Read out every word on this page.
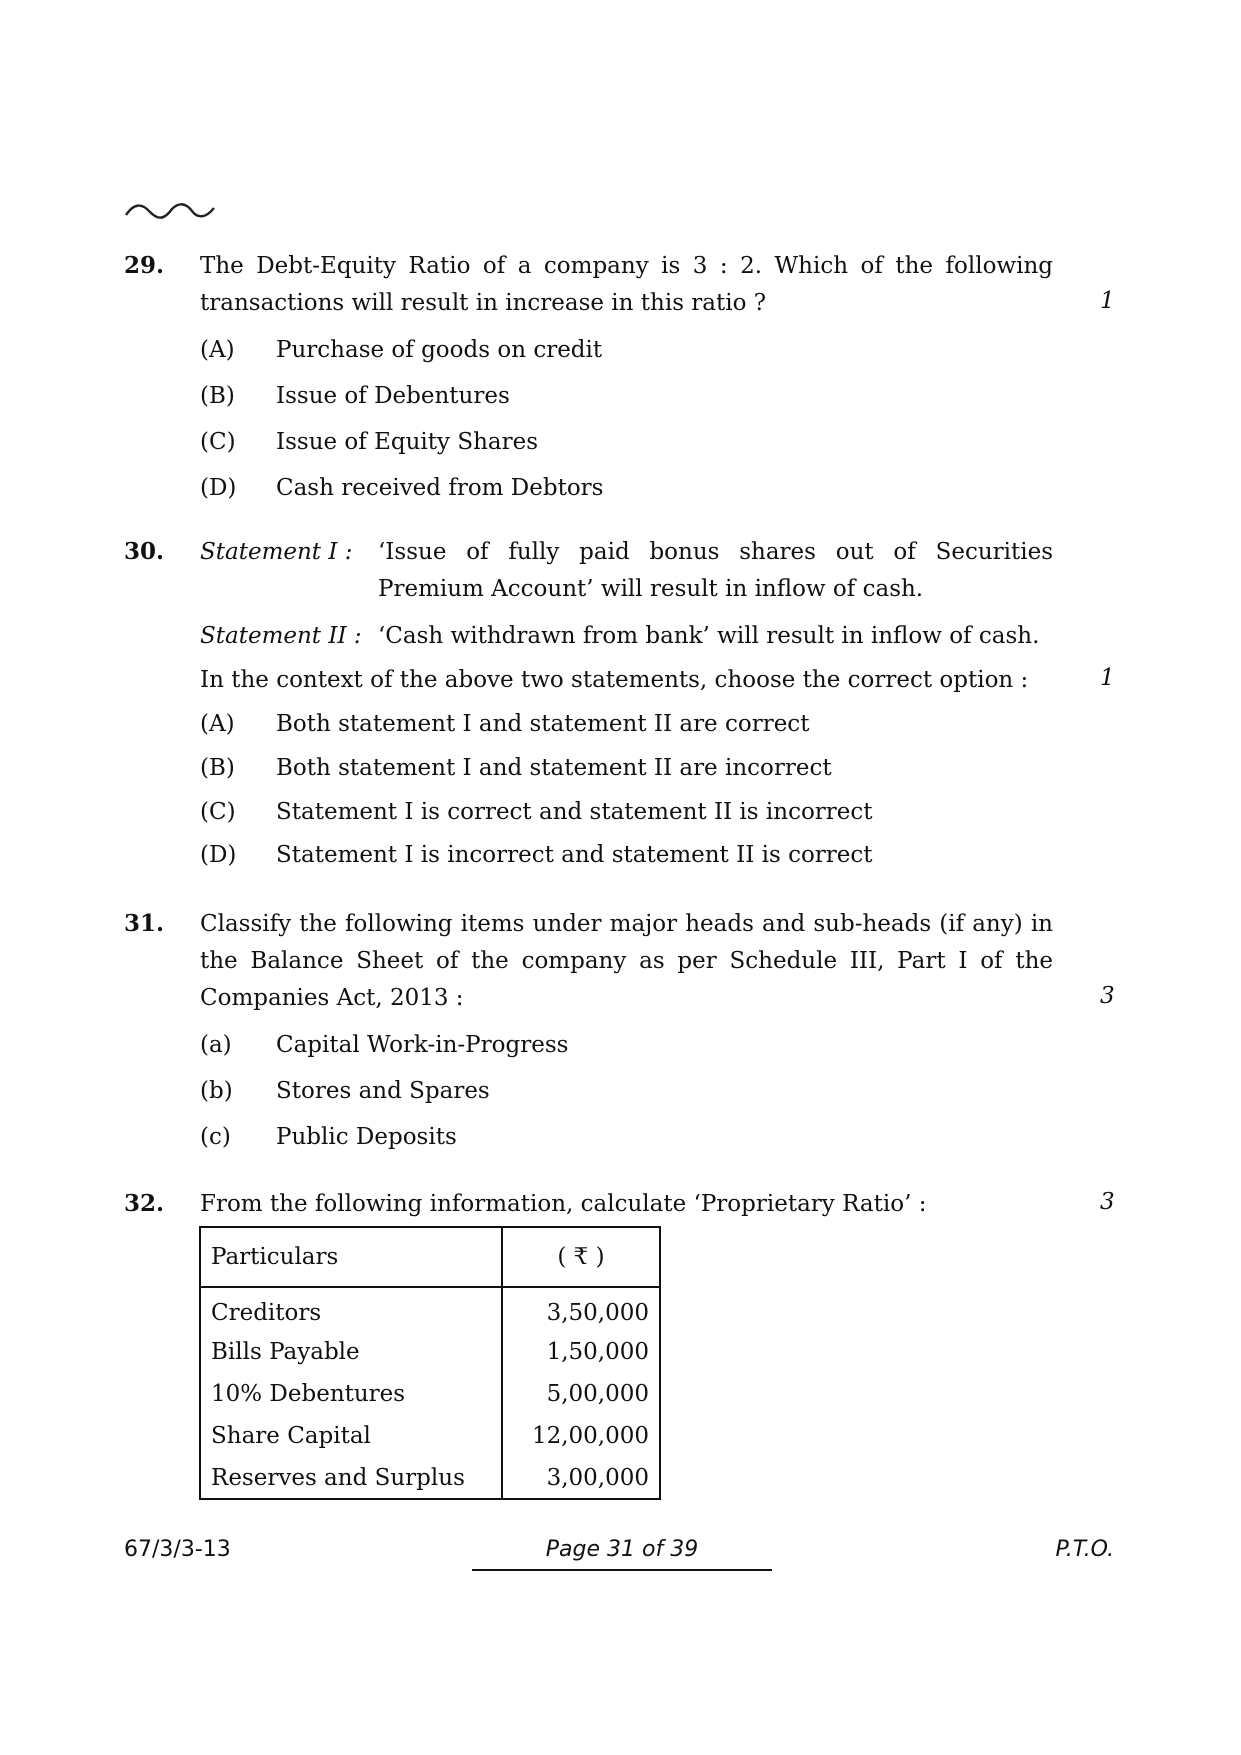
29. The Debt-Equity Ratio of a company is 3 : 2. Which of the following
transactions will result in increase in this ratio ?	1
(A) Purchase of goods on credit
(B) Issue of Debentures
(C) Issue of Equity Shares
(D) Cash received from Debtors
30. Statement I : ‘Issue of fully paid bonus shares out of Securities
Premium Account’ will result in inflow of cash.
Statement II : ‘Cash withdrawn from bank’ will result in inflow of cash.
In the context of the above two statements, choose the correct option :	1
(A) Both statement I and statement II are correct
(B) Both statement I and statement II are incorrect
(C) Statement I is correct and statement II is incorrect
(D) Statement I is incorrect and statement II is correct
31. Classify the following items under major heads and sub-heads (if any) in
the Balance Sheet of the company as per Schedule III, Part I of the
Companies Act, 2013 :	3
(a) Capital Work-in-Progress
(b) Stores and Spares
(c) Public Deposits
32. From the following information, calculate ‘Proprietary Ratio’ :	3
Particulars	( ₹ )
Creditors	3,50,000
Bills Payable	1,50,000
10% Debentures	5,00,000
Share Capital	12,00,000
Reserves and Surplus	3,00,000
67/3/3-13	Page 31 of 39	P.T.O.
